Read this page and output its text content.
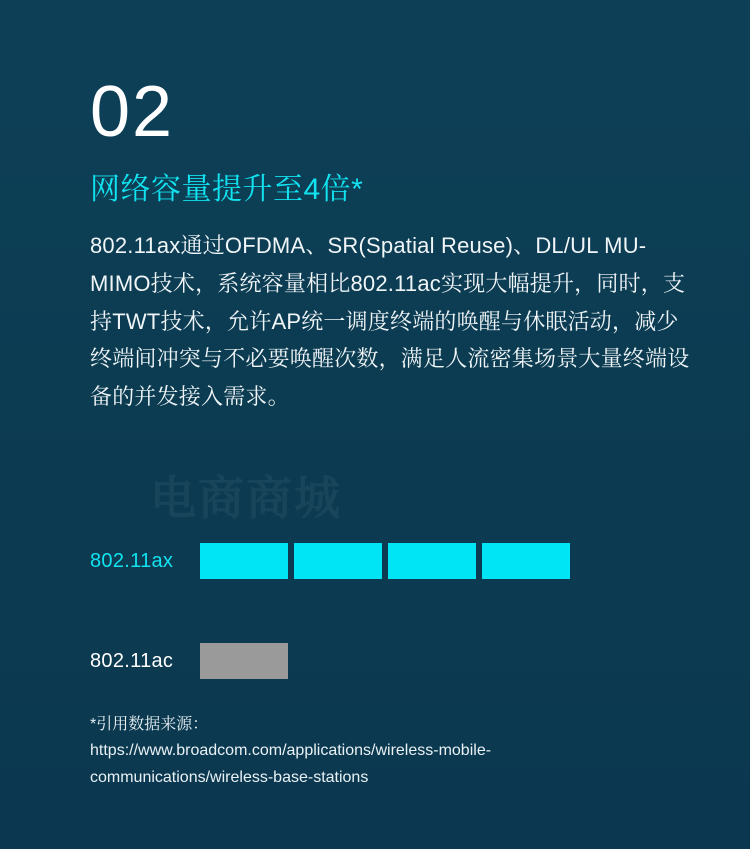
02
网络容量提升至4倍*
802.11ax通过OFDMA、SR(Spatial Reuse)、DL/UL MU-MIMO技术，系统容量相比802.11ac实现大幅提升，同时，支持TWT技术，允许AP统一调度终端的唤醒与休眠活动，减少终端间冲突与不必要唤醒次数，满足人流密集场景大量终端设备的并发接入需求。
电商商城
802.11ax
802.11ac
*引用数据来源：
https://www.broadcom.com/applications/wireless-mobile-
communications/wireless-base-stations
